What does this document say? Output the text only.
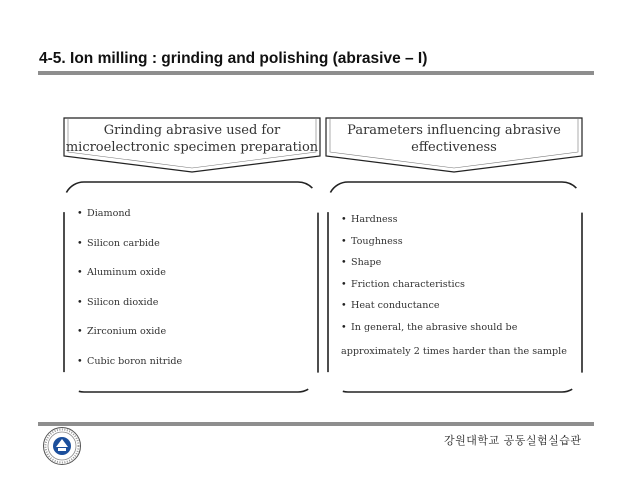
4-5. Ion milling : grinding and polishing (abrasive – I)
Grinding abrasive used for
microelectronic specimen preparation
Parameters influencing abrasive
effectiveness
• Diamond
• Silicon carbide
• Aluminum oxide
• Silicon dioxide
• Zirconium oxide
• Cubic boron nitride
• Hardness
• Toughness
• Shape
• Friction characteristics
• Heat conductance
• In general, the abrasive should be
approximately 2 times harder than the sample
강원대학교 공동실험실습관
